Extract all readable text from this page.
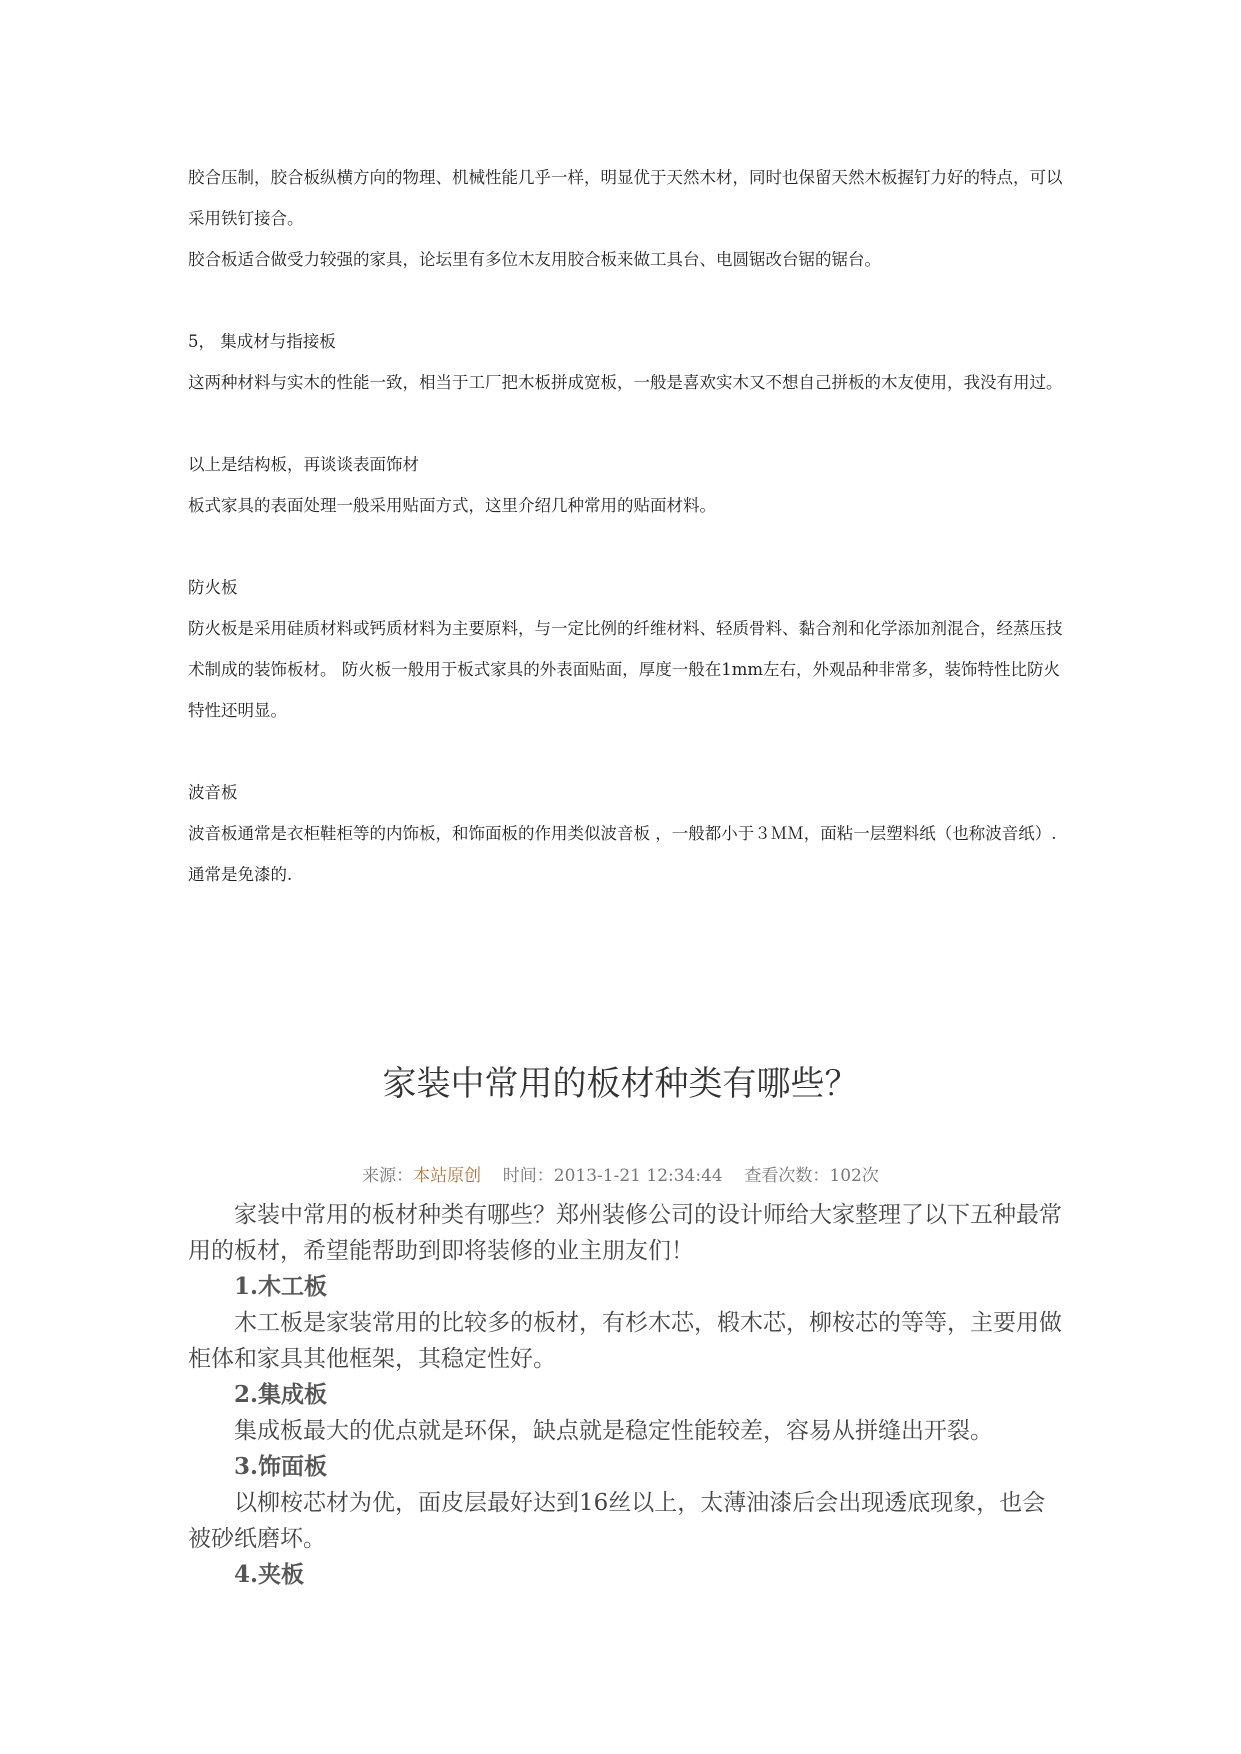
胶合压制，胶合板纵横方向的物理、机械性能几乎一样，明显优于天然木材，同时也保留天然木板握钉力好的特点，可以采用铁钉接合。

胶合板适合做受力较强的家具，论坛里有多位木友用胶合板来做工具台、电圆锯改台锯的锯台。

5， 集成材与指接板

这两种材料与实木的性能一致，相当于工厂把木板拼成宽板，一般是喜欢实木又不想自己拼板的木友使用，我没有用过。

以上是结构板，再谈谈表面饰材

板式家具的表面处理一般采用贴面方式，这里介绍几种常用的贴面材料。

防火板

防火板是采用硅质材料或钙质材料为主要原料，与一定比例的纤维材料、轻质骨料、黏合剂和化学添加剂混合，经蒸压技术制成的装饰板材。 防火板一般用于板式家具的外表面贴面，厚度一般在1mm左右，外观品种非常多，装饰特性比防火特性还明显。

波音板

波音板通常是衣柜鞋柜等的内饰板，和饰面板的作用类似波音板 ，一般都小于３ＭＭ，面粘一层塑料纸（也称波音纸）.通常是免漆的.

家装中常用的板材种类有哪些？
来源：本站原创 时间：2013-1-21 12:34:44 查看次数：102次
家装中常用的板材种类有哪些？郑州装修公司的设计师给大家整理了以下五种最常用的板材，希望能帮助到即将装修的业主朋友们！
1.木工板
木工板是家装常用的比较多的板材，有杉木芯，椴木芯，柳桉芯的等等，主要用做柜体和家具其他框架，其稳定性好。
2.集成板
集成板最大的优点就是环保，缺点就是稳定性能较差，容易从拼缝出开裂。
3.饰面板
以柳桉芯材为优，面皮层最好达到16丝以上，太薄油漆后会出现透底现象，也会被砂纸磨坏。
4.夹板
